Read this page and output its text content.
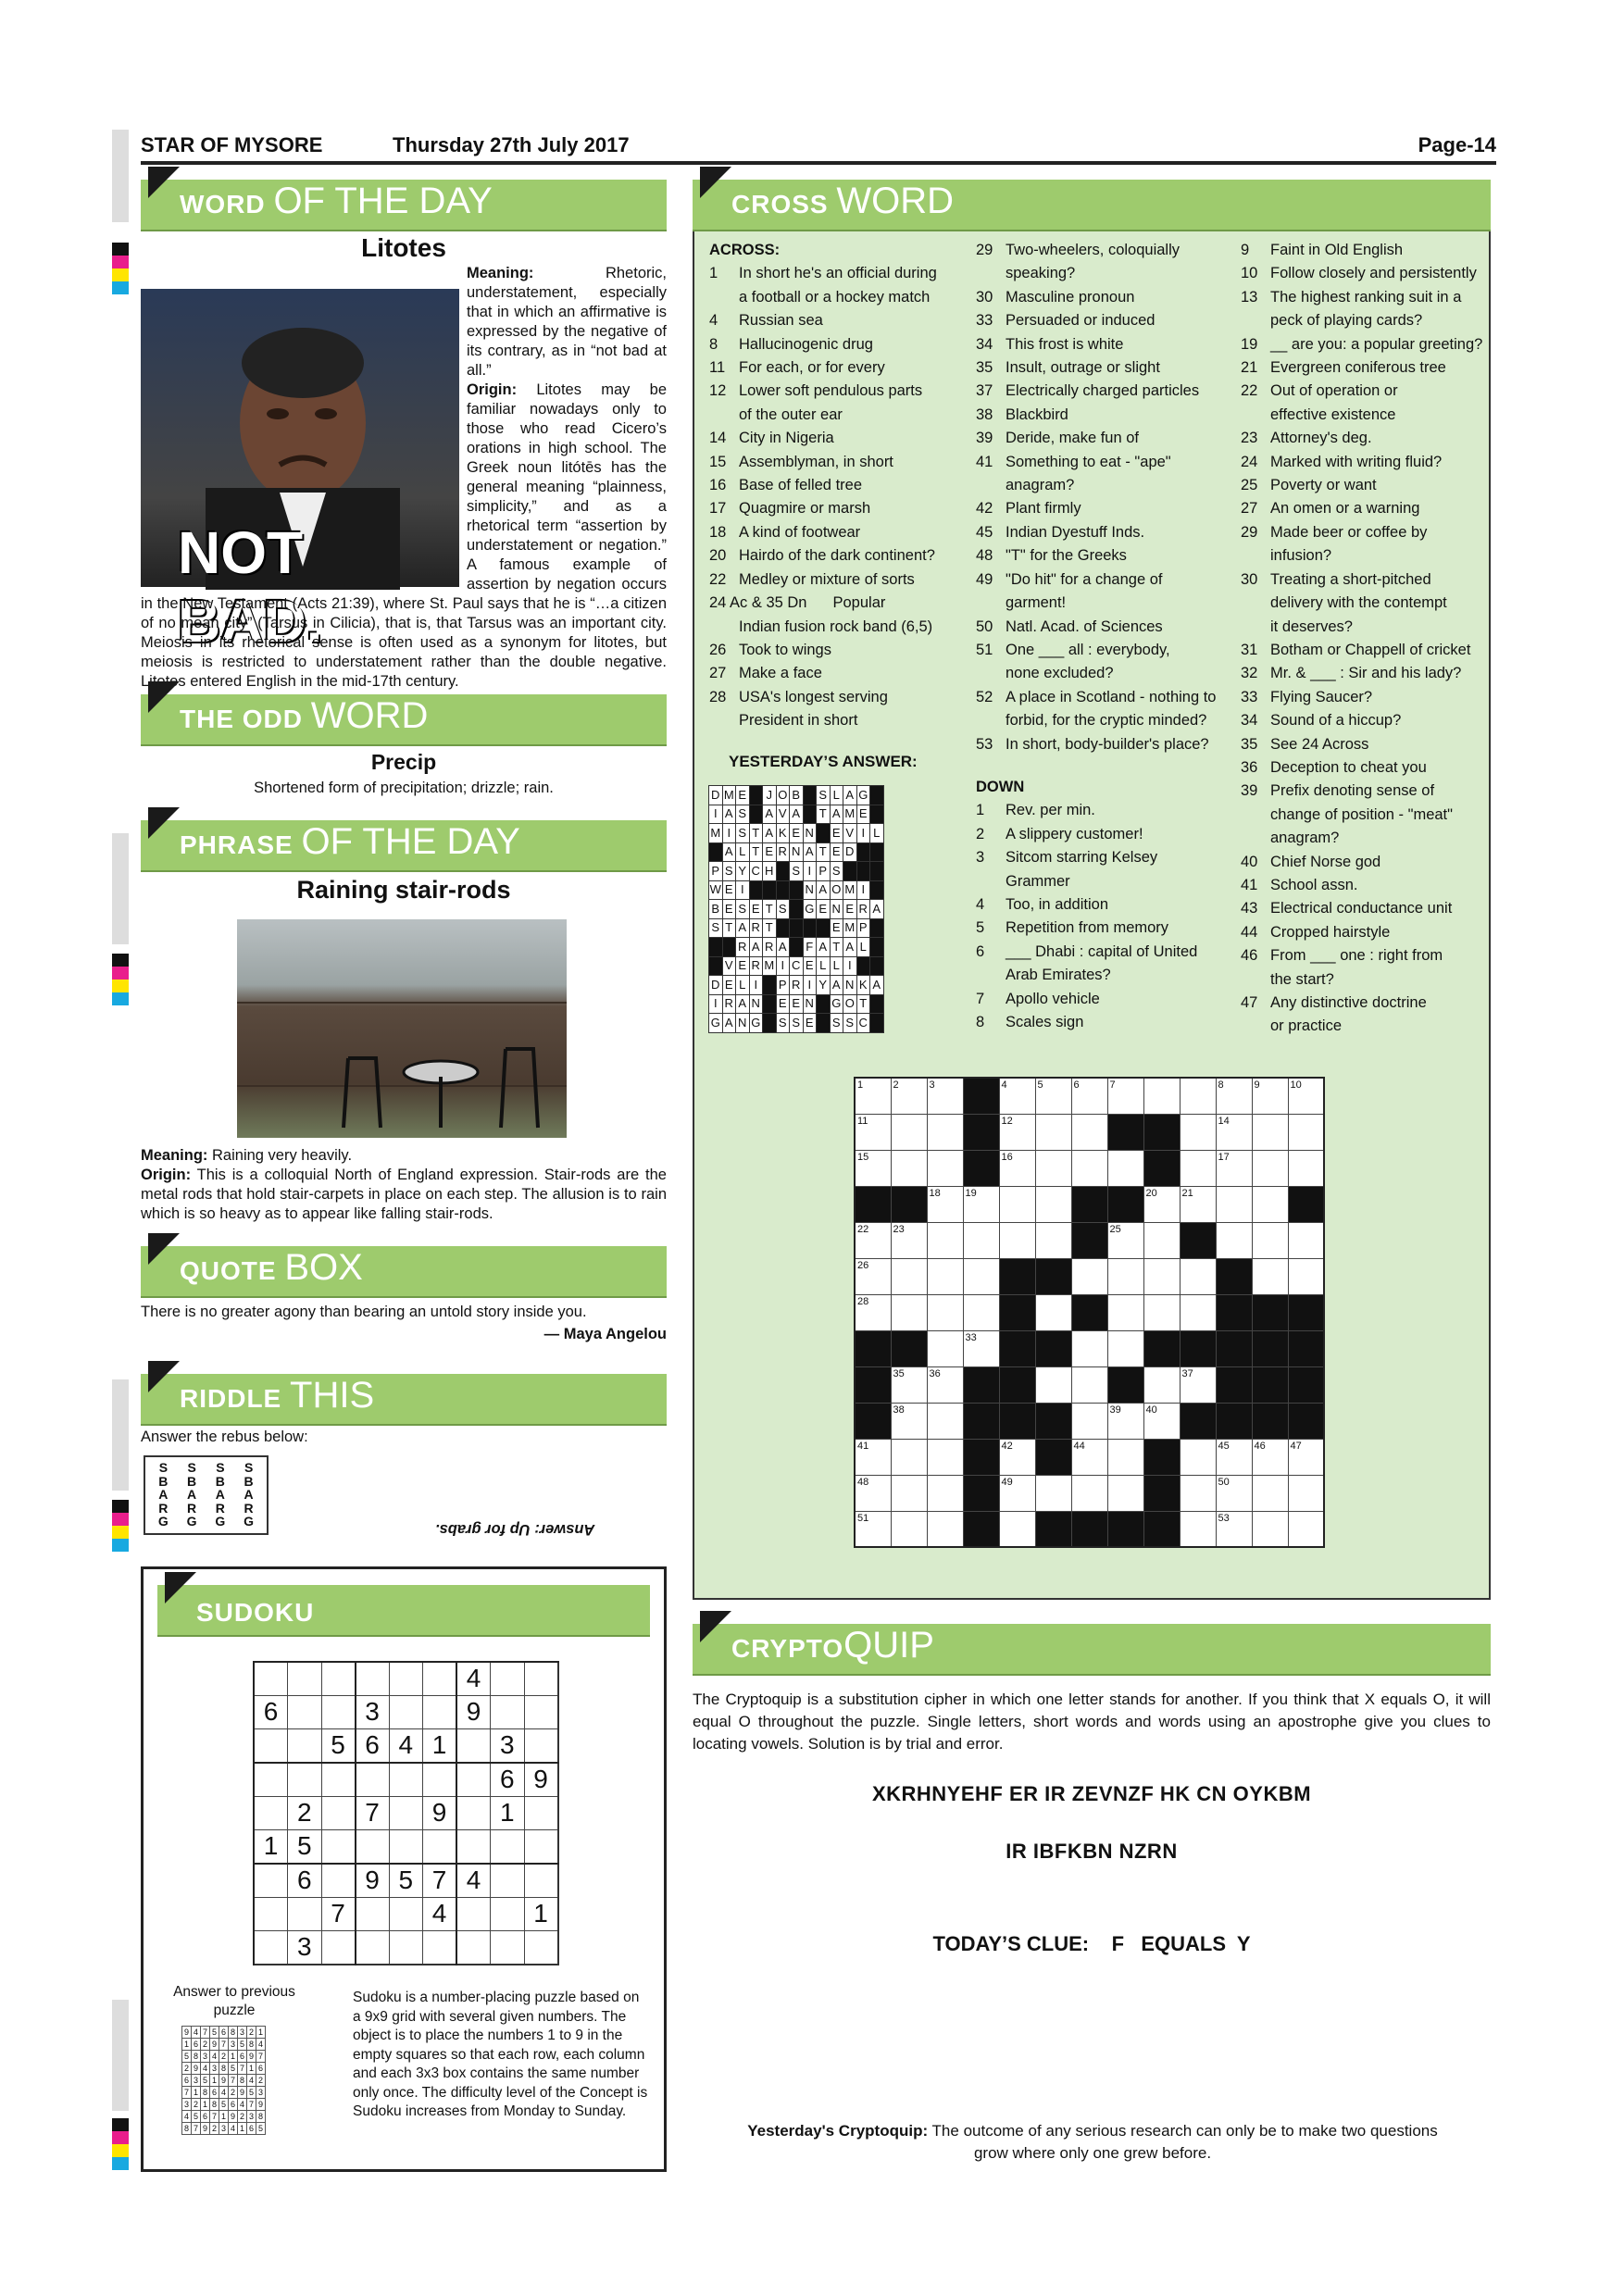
STAR OF MYSORE	Thursday 27th July 2017	Page-14
WORD OF THE DAY
Litotes
NOT BAD.
Meaning:	Rhetoric, understatement, especially that in which an affirmative is expressed by the negative of its contrary, as in “not bad at all.”
Origin: Litotes may be familiar nowadays only to those who read Cicero’s orations in high school. The Greek noun litótēs has the general meaning “plainness, simplicity,” and as a rhetorical term “assertion by understatement or negation.” A famous example of assertion by negation occurs in the New Testament (Acts 21:39), where St. Paul says that he is “…a citizen of no mean city” (Tarsus in Cilicia), that is, that Tarsus was an important city. Meiosis in its rhetorical sense is often used as a synonym for litotes, but meiosis is restricted to understatement rather than the double negative. Litotes entered English in the mid-17th century.
THE ODD WORD
Precip
Shortened form of precipitation; drizzle; rain.
PHRASE OF THE DAY
Raining stair-rods
Meaning: Raining very heavily.
Origin: This is a colloquial North of England expression. Stair-rods are the metal rods that hold stair-carpets in place on each step. The allusion is to rain which is so heavy as to appear like falling stair-rods.
QUOTE BOX
There is no greater agony than bearing an untold story inside you.
— Maya Angelou
RIDDLE THIS
Answer the rebus below:
S
B
A
R
G
S
B
A
R
G
S
B
A
R
G
S
B
A
R
G	Answer: Up for grabs.
SUDOKU
						4		
6			3			9		
		5	6	4	1		3	
							6	9
	2		7		9		1	
1	5							
	6		9	5	7	4		
		7			4			1
	3							
Answer to previous puzzle
9	4	7	5	6	8	3	2	1
1	6	2	9	7	3	5	8	4
5	8	3	4	2	1	6	9	7
2	9	4	3	8	5	7	1	6
6	3	5	1	9	7	8	4	2
7	1	8	6	4	2	9	5	3
3	2	1	8	5	6	4	7	9
4	5	6	7	1	9	2	3	8
8	7	9	2	3	4	1	6	5
Sudoku is a number-placing puzzle based on a 9x9 grid with several given numbers. The object is to place the numbers 1 to 9 in the empty squares so that each row, each column and each 3x3 box contains the same number only once. The difficulty level of the Concept is Sudoku increases from Monday to Sunday.
CROSS WORD
ACROSS:
1	In short he's an official during
a football or a hockey match
4	Russian sea
8	Hallucinogenic drug
11 For each, or for every
12 Lower soft pendulous parts
of the outer ear
14 City in Nigeria
15 Assemblyman, in short
16 Base of felled tree
17 Quagmire or marsh
18 A kind of footwear
20 Hairdo of the dark continent?
22 Medley or mixture of sorts
24 Ac & 35 Dn Popular
Indian fusion rock band (6,5)
26 Took to wings
27 Make a face
28 USA's longest serving
President in short
YESTERDAY’S ANSWER:
D	M	E		J	O	B		S	L	A	G	
I	A	S		A	V	A		T	A	M	E	
M	I	S	T	A	K	E	N		E	V	I	L
	A	L	T	E	R	N	A	T	E	D		
P	S	Y	C	H		S	I	P	S			
W	E	I					N	A	O	M	I	
B	E	S	E	T	S		G	E	N	E	R	A
S	T	A	R	T					E	M	P	
		R	A	R	A		F	A	T	A	L	
	V	E	R	M	I	C	E	L	L	I		
D	E	L	I		P	R	I	Y	A	N	K	A
I	R	A	N		E	E	N		G	O	T	
G	A	N	G		S	S	E		S	S	C	
29 Two-wheelers, coloquially
speaking?
30 Masculine pronoun
33 Persuaded or induced
34 This frost is white
35 Insult, outrage or slight
37 Electrically charged particles
38 Blackbird
39 Deride, make fun of
41 Something to eat - "ape"
anagram?
42 Plant firmly
45 Indian Dyestuff Inds.
48 "T" for the Greeks
49 "Do hit" for a change of
garment!
50 Natl. Acad. of Sciences
51 One ___ all : everybody,
none excluded?
52 A place in Scotland - nothing to
forbid, for the cryptic minded?
53 In short, body-builder's place?
DOWN
1	Rev. per min.
2	A slippery customer!
3	Sitcom starring Kelsey
Grammer
4	Too, in addition
5	Repetition from memory
6	___ Dhabi : capital of United
Arab Emirates?
7	Apollo vehicle
8	Scales sign
9	Faint in Old English
10 Follow closely and persistently
13 The highest ranking suit in a
peck of playing cards?
19 __ are you: a popular greeting?
21 Evergreen coniferous tree
22 Out of operation or
effective existence
23 Attorney's deg.
24 Marked with writing fluid?
25 Poverty or want
27 An omen or a warning
29 Made beer or coffee by
infusion?
30 Treating a short-pitched
delivery with the contempt
it deserves?
31 Botham or Chappell of cricket
32 Mr. & ___ : Sir and his lady?
33 Flying Saucer?
34 Sound of a hiccup?
35 See 24 Across
36 Deception to cheat you
39 Prefix denoting sense of
change of position - "meat"
anagram?
40 Chief Norse god
41 School assn.
43 Electrical conductance unit
44 Cropped hairstyle
46 From ___ one : right from
the start?
47 Any distinctive doctrine
or practice
1	2	3		4	5	6	7			8	9	10

11				12						14		

15				16						17		

		18	19					20	21			

22	23						25					

26												

28												

			33									

	35	36							37			

	38						39	40				

41				42		44				45	46	47

48				49						50		

51										53		

CRYPTOQUIP
The Cryptoquip is a substitution cipher in which one letter stands for another. If you think that X equals O, it will equal O throughout the puzzle. Single letters, short words and words using an apostrophe give you clues to locating vowels. Solution is by trial and error.
XKRHNYEHF ER IR ZEVNZF HK CN OYKBM
IR IBFKBN NZRN
TODAY’S CLUE:    F   EQUALS  Y
Yesterday's Cryptoquip: The outcome of any serious research can only be to make two questions grow where only one grew before.
